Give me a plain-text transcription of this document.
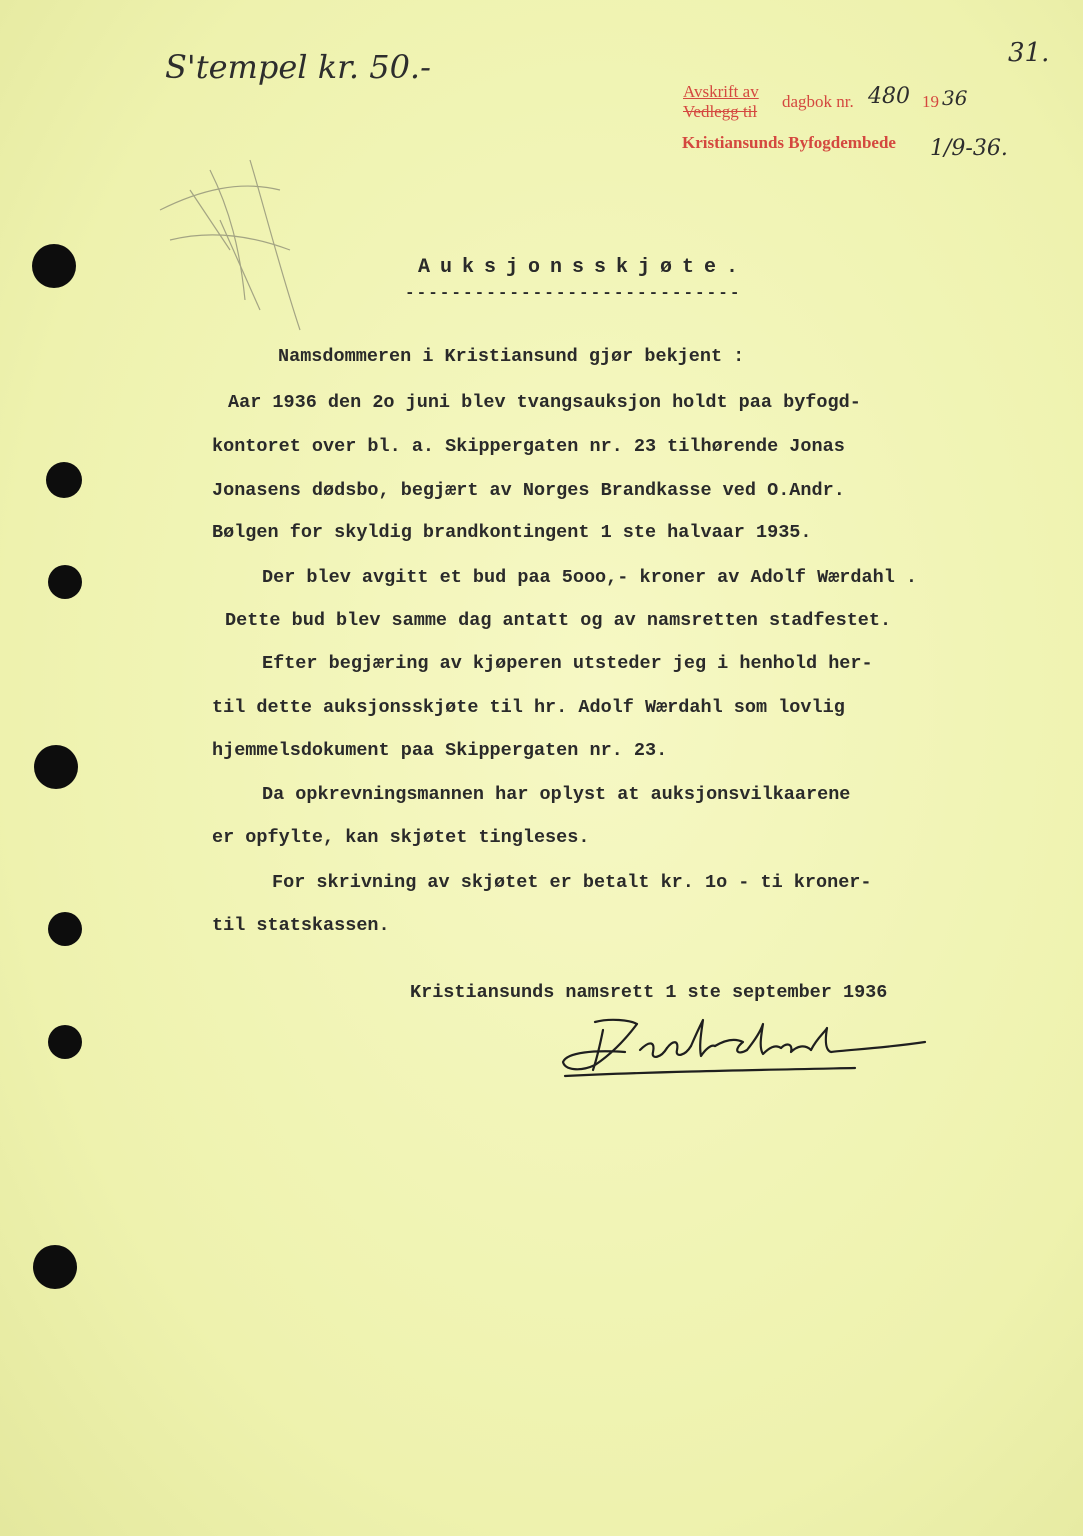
S'tempel kr. 50.-	31.
Avskrift av
Vedlegg til
dagbok nr. 480 19 36
Kristiansunds Byfogdembede 1/9-36.
Auksjonsskjøte.
-----------------------------
Namsdommeren i Kristiansund gjør bekjent :
Aar 1936 den 2o juni blev tvangsauksjon holdt paa byfogd-
kontoret over bl. a. Skippergaten nr. 23 tilhørende Jonas
Jonasens dødsbo, begjært av Norges Brandkasse ved O.Andr.
Bølgen for skyldig brandkontingent 1 ste halvaar 1935.
Der blev avgitt et bud paa 5ooo,- kroner av Adolf Wærdahl .
Dette bud blev samme dag antatt og av namsretten stadfestet.
Efter begjæring av kjøperen utsteder jeg i henhold her-
til dette auksjonsskjøte til hr. Adolf Wærdahl som lovlig
hjemmelsdokument paa Skippergaten nr. 23.
Da opkrevningsmannen har oplyst at auksjonsvilkaarene
er opfylte, kan skjøtet tingleses.
For skrivning av skjøtet er betalt kr. 1o - ti kroner-
til statskassen.
Kristiansunds namsrett 1 ste september 1936
